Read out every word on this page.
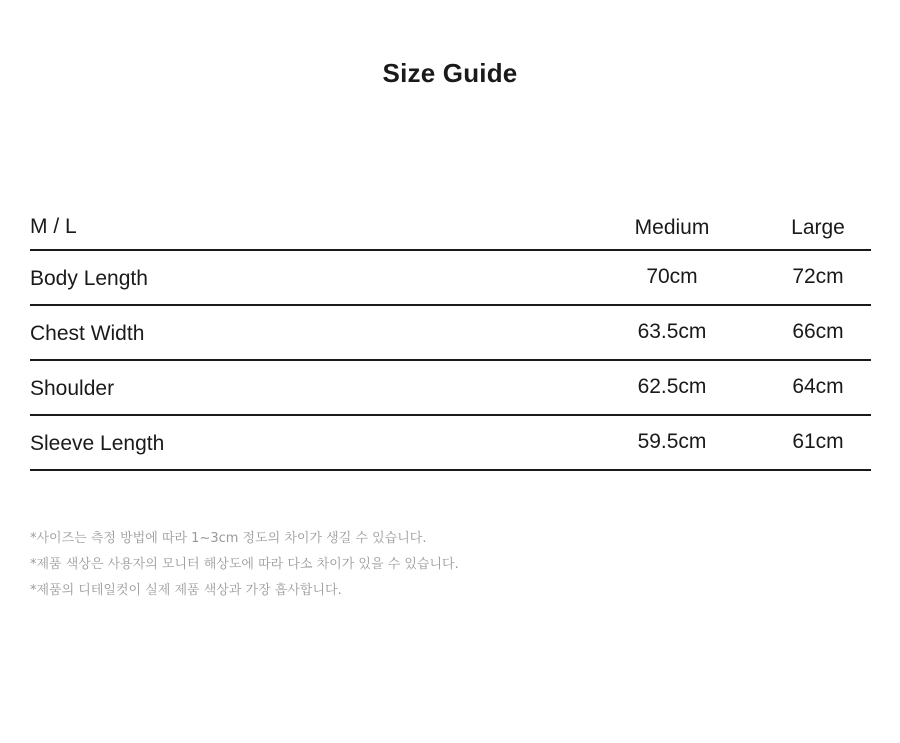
Size Guide
M / L	Medium	Large
Body Length	70cm	72cm
Chest Width	63.5cm	66cm
Shoulder	62.5cm	64cm
Sleeve Length	59.5cm	61cm
*사이즈는 측정 방법에 따라 1~3cm 정도의 차이가 생길 수 있습니다.
*제품 색상은 사용자의 모니터 해상도에 따라 다소 차이가 있을 수 있습니다.
*제품의 디테일컷이 실제 제품 색상과 가장 흡사합니다.
